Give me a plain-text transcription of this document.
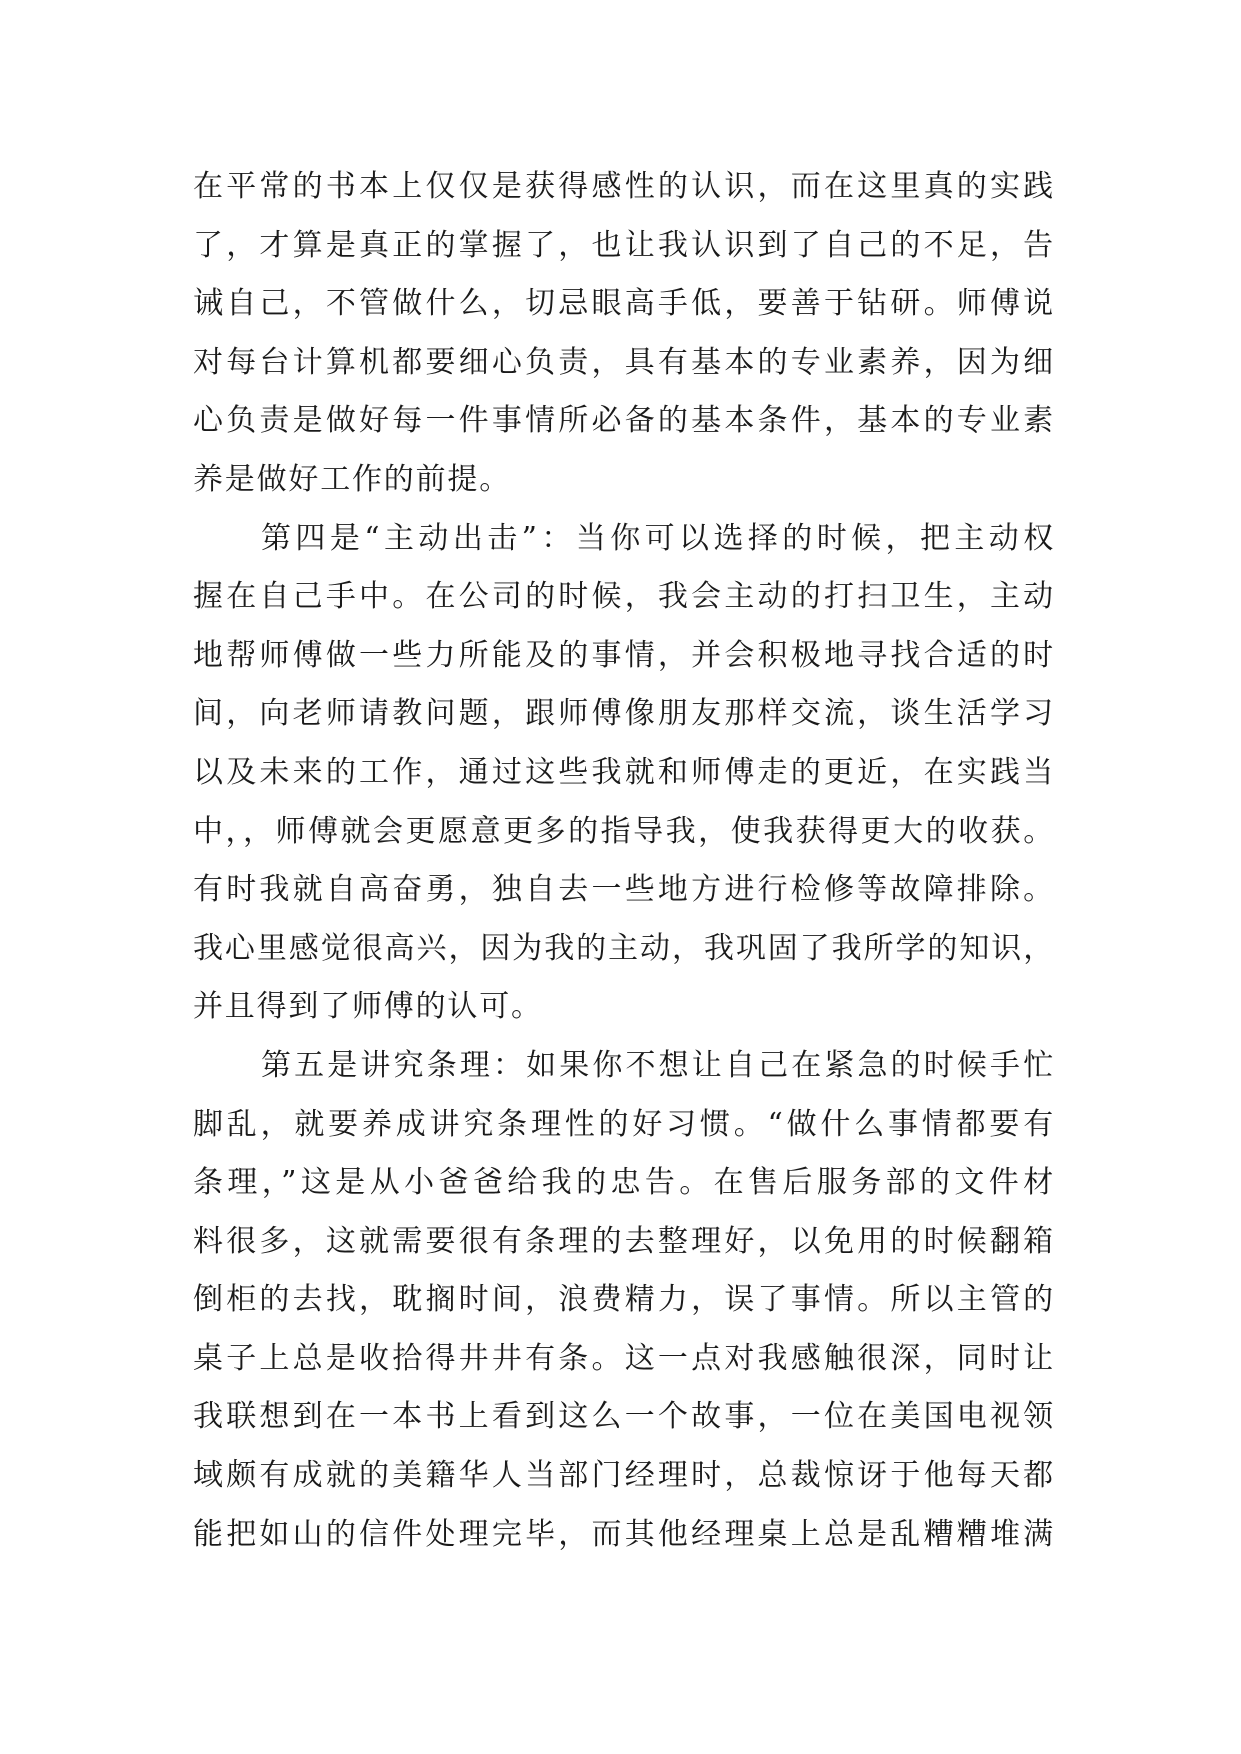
在平常的书本上仅仅是获得感性的认识，而在这里真的实践
了，才算是真正的掌握了，也让我认识到了自己的不足，告
诫自己，不管做什么，切忌眼高手低，要善于钻研。师傅说
对每台计算机都要细心负责，具有基本的专业素养，因为细
心负责是做好每一件事情所必备的基本条件，基本的专业素
养是做好工作的前提。
第四是“主动出击”：当你可以选择的时候，把主动权
握在自己手中。在公司的时候，我会主动的打扫卫生，主动
地帮师傅做一些力所能及的事情，并会积极地寻找合适的时
间，向老师请教问题，跟师傅像朋友那样交流，谈生活学习
以及未来的工作，通过这些我就和师傅走的更近，在实践当
中，，师傅就会更愿意更多的指导我，使我获得更大的收获。
有时我就自高奋勇，独自去一些地方进行检修等故障排除。
我心里感觉很高兴，因为我的主动，我巩固了我所学的知识，
并且得到了师傅的认可。
第五是讲究条理：如果你不想让自己在紧急的时候手忙
脚乱，就要养成讲究条理性的好习惯。“做什么事情都要有
条理，”这是从小爸爸给我的忠告。在售后服务部的文件材
料很多，这就需要很有条理的去整理好，以免用的时候翻箱
倒柜的去找，耽搁时间，浪费精力，误了事情。所以主管的
桌子上总是收拾得井井有条。这一点对我感触很深，同时让
我联想到在一本书上看到这么一个故事，一位在美国电视领
域颇有成就的美籍华人当部门经理时，总裁惊讶于他每天都
能把如山的信件处理完毕，而其他经理桌上总是乱糟糟堆满
